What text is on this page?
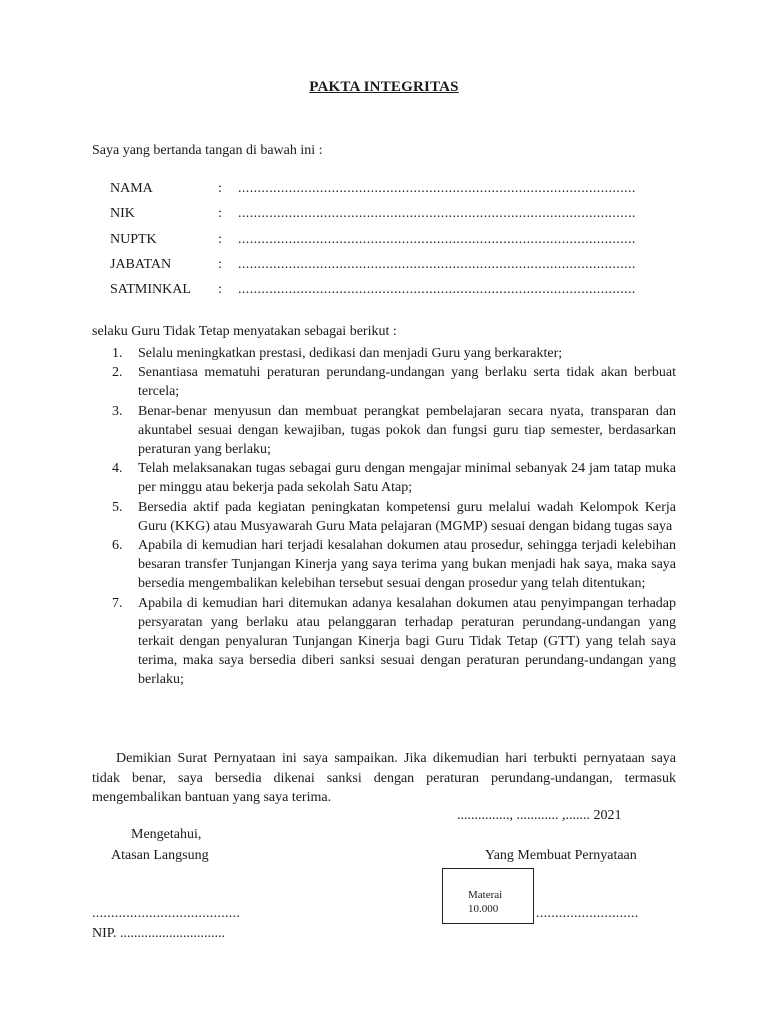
PAKTA INTEGRITAS
Saya yang bertanda tangan di bawah ini :
NAMA	: ......................................................................................................
NIK	: ......................................................................................................
NUPTK	: ......................................................................................................
JABATAN	: ......................................................................................................
SATMINKAL : ......................................................................................................
selaku Guru Tidak Tetap menyatakan sebagai berikut :
1. Selalu meningkatkan prestasi, dedikasi dan menjadi Guru yang berkarakter;
2. Senantiasa mematuhi peraturan perundang-undangan yang berlaku serta tidak akan berbuat tercela;
3. Benar-benar menyusun dan membuat perangkat pembelajaran secara nyata, transparan dan akuntabel sesuai dengan kewajiban, tugas pokok dan fungsi guru tiap semester, berdasarkan peraturan yang berlaku;
4. Telah melaksanakan tugas sebagai guru dengan mengajar minimal sebanyak 24 jam tatap muka per minggu atau bekerja pada sekolah Satu Atap;
5. Bersedia aktif pada kegiatan peningkatan kompetensi guru melalui wadah Kelompok Kerja Guru (KKG) atau Musyawarah Guru Mata pelajaran (MGMP) sesuai dengan bidang tugas saya
6. Apabila di kemudian hari terjadi kesalahan dokumen atau prosedur, sehingga terjadi kelebihan besaran transfer Tunjangan Kinerja yang saya terima yang bukan menjadi hak saya, maka saya bersedia mengembalikan kelebihan tersebut sesuai dengan prosedur yang telah ditentukan;
7. Apabila di kemudian hari ditemukan adanya kesalahan dokumen atau penyimpangan terhadap persyaratan yang berlaku atau pelanggaran terhadap peraturan perundang-undangan yang terkait dengan penyaluran Tunjangan Kinerja bagi Guru Tidak Tetap (GTT) yang telah saya terima, maka saya bersedia diberi sanksi sesuai dengan peraturan perundang-undangan yang berlaku;
Demikian Surat Pernyataan ini saya sampaikan. Jika dikemudian hari terbukti pernyataan saya tidak benar, saya bersedia dikenai sanksi dengan peraturan perundang-undangan, termasuk mengembalikan bantuan yang saya terima.
..............., ............ ,....... 2021
Mengetahui,
Atasan Langsung	Yang Membuat Pernyataan
.......................................	...........................
Materai
10.000
NIP. ..............................
